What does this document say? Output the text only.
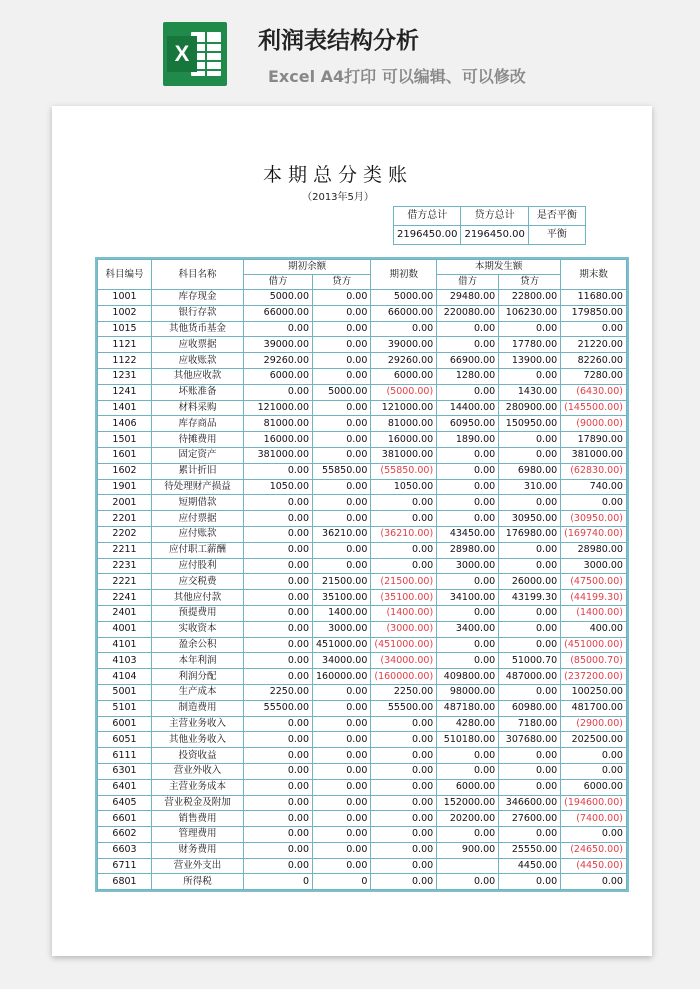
X	利润表结构分析
Excel A4打印 可以编辑、可以修改
本期总分类账
（2013年5月）
借方总计	贷方总计	是否平衡
2196450.00	2196450.00	平衡
科目编号	科目名称	期初余额		期初数	本期发生额		期末数
		借方	贷方		借方	贷方	
1001	库存现金	5000.00	0.00	5000.00	29480.00	22800.00	11680.00
1002	银行存款	66000.00	0.00	66000.00	220080.00	106230.00	179850.00
1015	其他货币基金	0.00	0.00	0.00	0.00	0.00	0.00
1121	应收票据	39000.00	0.00	39000.00	0.00	17780.00	21220.00
1122	应收账款	29260.00	0.00	29260.00	66900.00	13900.00	82260.00
1231	其他应收款	6000.00	0.00	6000.00	1280.00	0.00	7280.00
1241	坏账准备	0.00	5000.00	(5000.00)	0.00	1430.00	(6430.00)
1401	材料采购	121000.00	0.00	121000.00	14400.00	280900.00	(145500.00)
1406	库存商品	81000.00	0.00	81000.00	60950.00	150950.00	(9000.00)
1501	待摊费用	16000.00	0.00	16000.00	1890.00	0.00	17890.00
1601	固定资产	381000.00	0.00	381000.00	0.00	0.00	381000.00
1602	累计折旧	0.00	55850.00	(55850.00)	0.00	6980.00	(62830.00)
1901	待处理财产损益	1050.00	0.00	1050.00	0.00	310.00	740.00
2001	短期借款	0.00	0.00	0.00	0.00	0.00	0.00
2201	应付票据	0.00	0.00	0.00	0.00	30950.00	(30950.00)
2202	应付账款	0.00	36210.00	(36210.00)	43450.00	176980.00	(169740.00)
2211	应付职工薪酬	0.00	0.00	0.00	28980.00	0.00	28980.00
2231	应付股利	0.00	0.00	0.00	3000.00	0.00	3000.00
2221	应交税费	0.00	21500.00	(21500.00)	0.00	26000.00	(47500.00)
2241	其他应付款	0.00	35100.00	(35100.00)	34100.00	43199.30	(44199.30)
2401	预提费用	0.00	1400.00	(1400.00)	0.00	0.00	(1400.00)
4001	实收资本	0.00	3000.00	(3000.00)	3400.00	0.00	400.00
4101	盈余公积	0.00	451000.00	(451000.00)	0.00	0.00	(451000.00)
4103	本年利润	0.00	34000.00	(34000.00)	0.00	51000.70	(85000.70)
4104	利润分配	0.00	160000.00	(160000.00)	409800.00	487000.00	(237200.00)
5001	生产成本	2250.00	0.00	2250.00	98000.00	0.00	100250.00
5101	制造费用	55500.00	0.00	55500.00	487180.00	60980.00	481700.00
6001	主营业务收入	0.00	0.00	0.00	4280.00	7180.00	(2900.00)
6051	其他业务收入	0.00	0.00	0.00	510180.00	307680.00	202500.00
6111	投资收益	0.00	0.00	0.00	0.00	0.00	0.00
6301	营业外收入	0.00	0.00	0.00	0.00	0.00	0.00
6401	主营业务成本	0.00	0.00	0.00	6000.00	0.00	6000.00
6405	营业税金及附加	0.00	0.00	0.00	152000.00	346600.00	(194600.00)
6601	销售费用	0.00	0.00	0.00	20200.00	27600.00	(7400.00)
6602	管理费用	0.00	0.00	0.00	0.00	0.00	0.00
6603	财务费用	0.00	0.00	0.00	900.00	25550.00	(24650.00)
6711	营业外支出	0.00	0.00	0.00		4450.00	(4450.00)
6801	所得税	0	0	0.00	0.00	0.00	0.00
